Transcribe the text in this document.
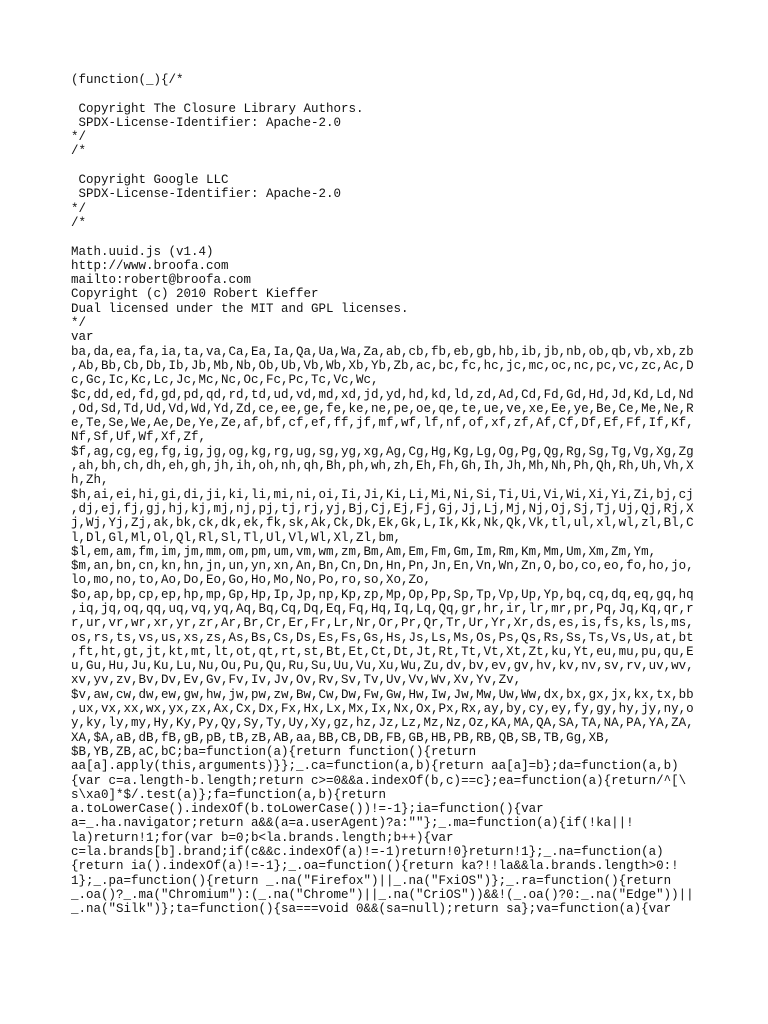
(function(_){/*
Copyright The Closure Library Authors.
SPDX-License-Identifier: Apache-2.0
*/
/*
Copyright Google LLC
SPDX-License-Identifier: Apache-2.0
*/
/*
Math.uuid.js (v1.4)
http://www.broofa.com
mailto:robert@broofa.com
Copyright (c) 2010 Robert Kieffer
Dual licensed under the MIT and GPL licenses.
*/
var
ba,da,ea,fa,ia,ta,va,Ca,Ea,Ia,Qa,Ua,Wa,Za,ab,cb,fb,eb,gb,hb,ib,jb,nb,ob,qb,vb,xb,zb
,Ab,Bb,Cb,Db,Ib,Jb,Mb,Nb,Ob,Ub,Vb,Wb,Xb,Yb,Zb,ac,bc,fc,hc,jc,mc,oc,nc,pc,vc,zc,Ac,D
c,Gc,Ic,Kc,Lc,Jc,Mc,Nc,Oc,Fc,Pc,Tc,Vc,Wc,
$c,dd,ed,fd,gd,pd,qd,rd,td,ud,vd,md,xd,jd,yd,hd,kd,ld,zd,Ad,Cd,Fd,Gd,Hd,Jd,Kd,Ld,Nd
,Od,Sd,Td,Ud,Vd,Wd,Yd,Zd,ce,ee,ge,fe,ke,ne,pe,oe,qe,te,ue,ve,xe,Ee,ye,Be,Ce,Me,Ne,R
e,Te,Se,We,Ae,De,Ye,Ze,af,bf,cf,ef,ff,jf,mf,wf,lf,nf,of,xf,zf,Af,Cf,Df,Ef,Ff,If,Kf,
Nf,Sf,Uf,Wf,Xf,Zf,
$f,ag,cg,eg,fg,ig,jg,og,kg,rg,ug,sg,yg,xg,Ag,Cg,Hg,Kg,Lg,Og,Pg,Qg,Rg,Sg,Tg,Vg,Xg,Zg
,ah,bh,ch,dh,eh,gh,jh,ih,oh,nh,qh,Bh,ph,wh,zh,Eh,Fh,Gh,Ih,Jh,Mh,Nh,Ph,Qh,Rh,Uh,Vh,X
h,Zh,
$h,ai,ei,hi,gi,di,ji,ki,li,mi,ni,oi,Ii,Ji,Ki,Li,Mi,Ni,Si,Ti,Ui,Vi,Wi,Xi,Yi,Zi,bj,cj
,dj,ej,fj,gj,hj,kj,mj,nj,pj,tj,rj,yj,Bj,Cj,Ej,Fj,Gj,Jj,Lj,Mj,Nj,Oj,Sj,Tj,Uj,Qj,Rj,X
j,Wj,Yj,Zj,ak,bk,ck,dk,ek,fk,sk,Ak,Ck,Dk,Ek,Gk,L,Ik,Kk,Nk,Qk,Vk,tl,ul,xl,wl,zl,Bl,C
l,Dl,Gl,Ml,Ol,Ql,Rl,Sl,Tl,Ul,Vl,Wl,Xl,Zl,bm,
$l,em,am,fm,im,jm,mm,om,pm,um,vm,wm,zm,Bm,Am,Em,Fm,Gm,Im,Rm,Km,Mm,Um,Xm,Zm,Ym,
$m,an,bn,cn,kn,hn,jn,un,yn,xn,An,Bn,Cn,Dn,Hn,Pn,Jn,En,Vn,Wn,Zn,O,bo,co,eo,fo,ho,jo,
lo,mo,no,to,Ao,Do,Eo,Go,Ho,Mo,No,Po,ro,so,Xo,Zo,
$o,ap,bp,cp,ep,hp,mp,Gp,Hp,Ip,Jp,np,Kp,zp,Mp,Op,Pp,Sp,Tp,Vp,Up,Yp,bq,cq,dq,eq,gq,hq
,iq,jq,oq,qq,uq,vq,yq,Aq,Bq,Cq,Dq,Eq,Fq,Hq,Iq,Lq,Qq,gr,hr,ir,lr,mr,pr,Pq,Jq,Kq,qr,r
r,ur,vr,wr,xr,yr,zr,Ar,Br,Cr,Er,Fr,Lr,Nr,Or,Pr,Qr,Tr,Ur,Yr,Xr,ds,es,is,fs,ks,ls,ms,
os,rs,ts,vs,us,xs,zs,As,Bs,Cs,Ds,Es,Fs,Gs,Hs,Js,Ls,Ms,Os,Ps,Qs,Rs,Ss,Ts,Vs,Us,at,bt
,ft,ht,gt,jt,kt,mt,lt,ot,qt,rt,st,Bt,Et,Ct,Dt,Jt,Rt,Tt,Vt,Xt,Zt,ku,Yt,eu,mu,pu,qu,E
u,Gu,Hu,Ju,Ku,Lu,Nu,Ou,Pu,Qu,Ru,Su,Uu,Vu,Xu,Wu,Zu,dv,bv,ev,gv,hv,kv,nv,sv,rv,uv,wv,
xv,yv,zv,Bv,Dv,Ev,Gv,Fv,Iv,Jv,Ov,Rv,Sv,Tv,Uv,Vv,Wv,Xv,Yv,Zv,
$v,aw,cw,dw,ew,gw,hw,jw,pw,zw,Bw,Cw,Dw,Fw,Gw,Hw,Iw,Jw,Mw,Uw,Ww,dx,bx,gx,jx,kx,tx,bb
,ux,vx,xx,wx,yx,zx,Ax,Cx,Dx,Fx,Hx,Lx,Mx,Ix,Nx,Ox,Px,Rx,ay,by,cy,ey,fy,gy,hy,jy,ny,o
y,ky,ly,my,Hy,Ky,Py,Qy,Sy,Ty,Uy,Xy,gz,hz,Jz,Lz,Mz,Nz,Oz,KA,MA,QA,SA,TA,NA,PA,YA,ZA,
XA,$A,aB,dB,fB,gB,pB,tB,zB,AB,aa,BB,CB,DB,FB,GB,HB,PB,RB,QB,SB,TB,Gg,XB,
$B,YB,ZB,aC,bC;ba=function(a){return function(){return
aa[a].apply(this,arguments)}};_.ca=function(a,b){return aa[a]=b};da=function(a,b)
{var c=a.length-b.length;return c>=0&&a.indexOf(b,c)==c};ea=function(a){return/^[\
s\xa0]*$/.test(a)};fa=function(a,b){return
a.toLowerCase().indexOf(b.toLowerCase())!=-1};ia=function(){var
a=_.ha.navigator;return a&&(a=a.userAgent)?a:""};_.ma=function(a){if(!ka||!
la)return!1;for(var b=0;b<la.brands.length;b++){var
c=la.brands[b].brand;if(c&&c.indexOf(a)!=-1)return!0}return!1};_.na=function(a)
{return ia().indexOf(a)!=-1};_.oa=function(){return ka?!!la&&la.brands.length>0:!
1};_.pa=function(){return _.na("Firefox")||_.na("FxiOS")};_.ra=function(){return
_.oa()?_.ma("Chromium"):(_.na("Chrome")||_.na("CriOS"))&&!(_.oa()?0:_.na("Edge"))||
_.na("Silk")};ta=function(){sa===void 0&&(sa=null);return sa};va=function(a){var
